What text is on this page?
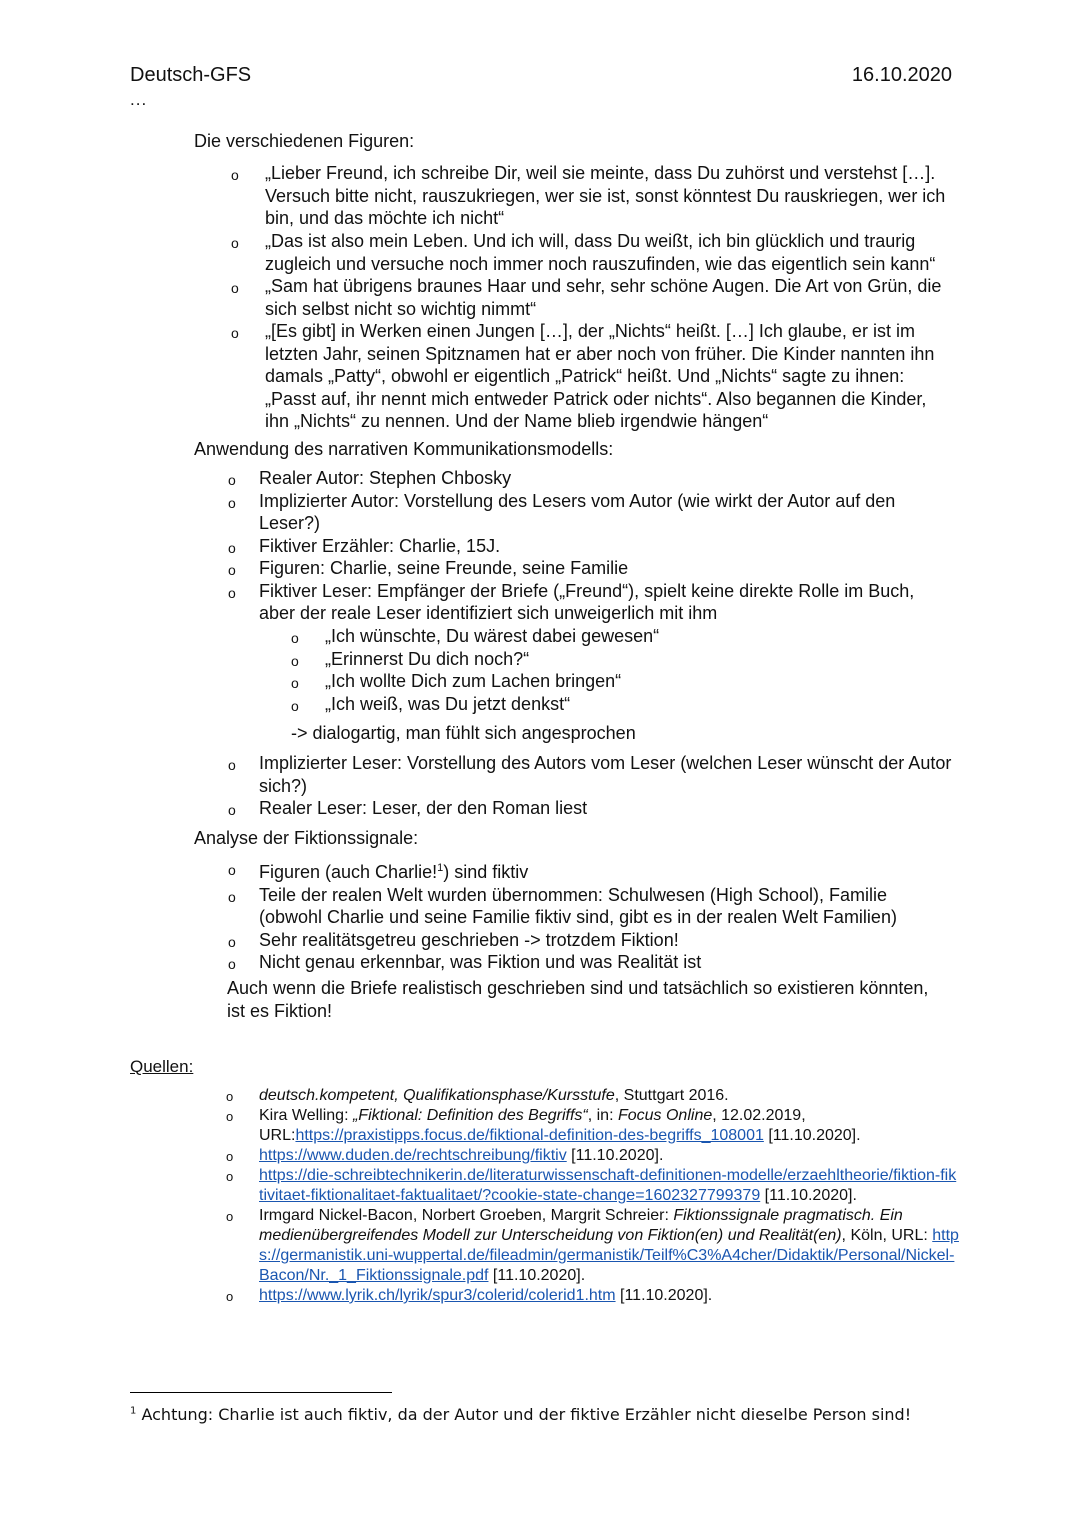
Deutsch-GFS	16.10.2020
...
Die verschiedenen Figuren:
o „Lieber Freund, ich schreibe Dir, weil sie meinte, dass Du zuhörst und verstehst […]. Versuch bitte nicht, rauszukriegen, wer sie ist, sonst könntest Du rauskriegen, wer ich bin, und das möchte ich nicht“
o „Das ist also mein Leben. Und ich will, dass Du weißt, ich bin glücklich und traurig zugleich und versuche noch immer noch rauszufinden, wie das eigentlich sein kann“
o „Sam hat übrigens braunes Haar und sehr, sehr schöne Augen. Die Art von Grün, die sich selbst nicht so wichtig nimmt“
o „[Es gibt] in Werken einen Jungen […], der „Nichts“ heißt. […] Ich glaube, er ist im letzten Jahr, seinen Spitznamen hat er aber noch von früher. Die Kinder nannten ihn damals „Patty“, obwohl er eigentlich „Patrick“ heißt. Und „Nichts“ sagte zu ihnen: „Passt auf, ihr nennt mich entweder Patrick oder nichts“. Also begannen die Kinder, ihn „Nichts“ zu nennen. Und der Name blieb irgendwie hängen“
Anwendung des narrativen Kommunikationsmodells:
o Realer Autor: Stephen Chbosky
o Implizierter Autor: Vorstellung des Lesers vom Autor (wie wirkt der Autor auf den Leser?)
o Fiktiver Erzähler: Charlie, 15J.
o Figuren: Charlie, seine Freunde, seine Familie
o Fiktiver Leser: Empfänger der Briefe („Freund“), spielt keine direkte Rolle im Buch, aber der reale Leser identifiziert sich unweigerlich mit ihm
o „Ich wünschte, Du wärest dabei gewesen“
o „Erinnerst Du dich noch?“
o „Ich wollte Dich zum Lachen bringen“
o „Ich weiß, was Du jetzt denkst“
-> dialogartig, man fühlt sich angesprochen
o Implizierter Leser: Vorstellung des Autors vom Leser (welchen Leser wünscht der Autor sich?)
o Realer Leser: Leser, der den Roman liest
Analyse der Fiktionssignale:
o Figuren (auch Charlie!$^1$) sind fiktiv
o Teile der realen Welt wurden übernommen: Schulwesen (High School), Familie (obwohl Charlie und seine Familie fiktiv sind, gibt es in der realen Welt Familien)
o Sehr realitätsgetreu geschrieben -> trotzdem Fiktion!
o Nicht genau erkennbar, was Fiktion und was Realität ist
Auch wenn die Briefe realistisch geschrieben sind und tatsächlich so existieren könnten, ist es Fiktion!
Quellen:
o deutsch.kompetent, Qualifikationsphase/Kursstufe, Stuttgart 2016.
o Kira Welling: „Fiktional: Definition des Begriffs“, in: Focus Online, 12.02.2019, URL:https://praxistipps.focus.de/fiktional-definition-des-begriffs_108001 [11.10.2020].
o https://www.duden.de/rechtschreibung/fiktiv [11.10.2020].
o https://die-schreibtechnikerin.de/literaturwissenschaft-definitionen-modelle/erzaehltheorie/fiktion-fiktivitaet-fiktionalitaet-faktualitaet/?cookie-state-change=1602327799379 [11.10.2020].
o Irmgard Nickel-Bacon, Norbert Groeben, Margrit Schreier: Fiktionssignale pragmatisch. Ein medienübergreifendes Modell zur Unterscheidung von Fiktion(en) und Realität(en), Köln, URL: https://germanistik.uni-wuppertal.de/fileadmin/germanistik/Teilf%C3%A4cher/Didaktik/Personal/Nickel-Bacon/Nr._1_Fiktionssignale.pdf [11.10.2020].
o https://www.lyrik.ch/lyrik/spur3/colerid/colerid1.htm [11.10.2020].
$^1$ Achtung: Charlie ist auch fiktiv, da der Autor und der fiktive Erzähler nicht dieselbe Person sind!
